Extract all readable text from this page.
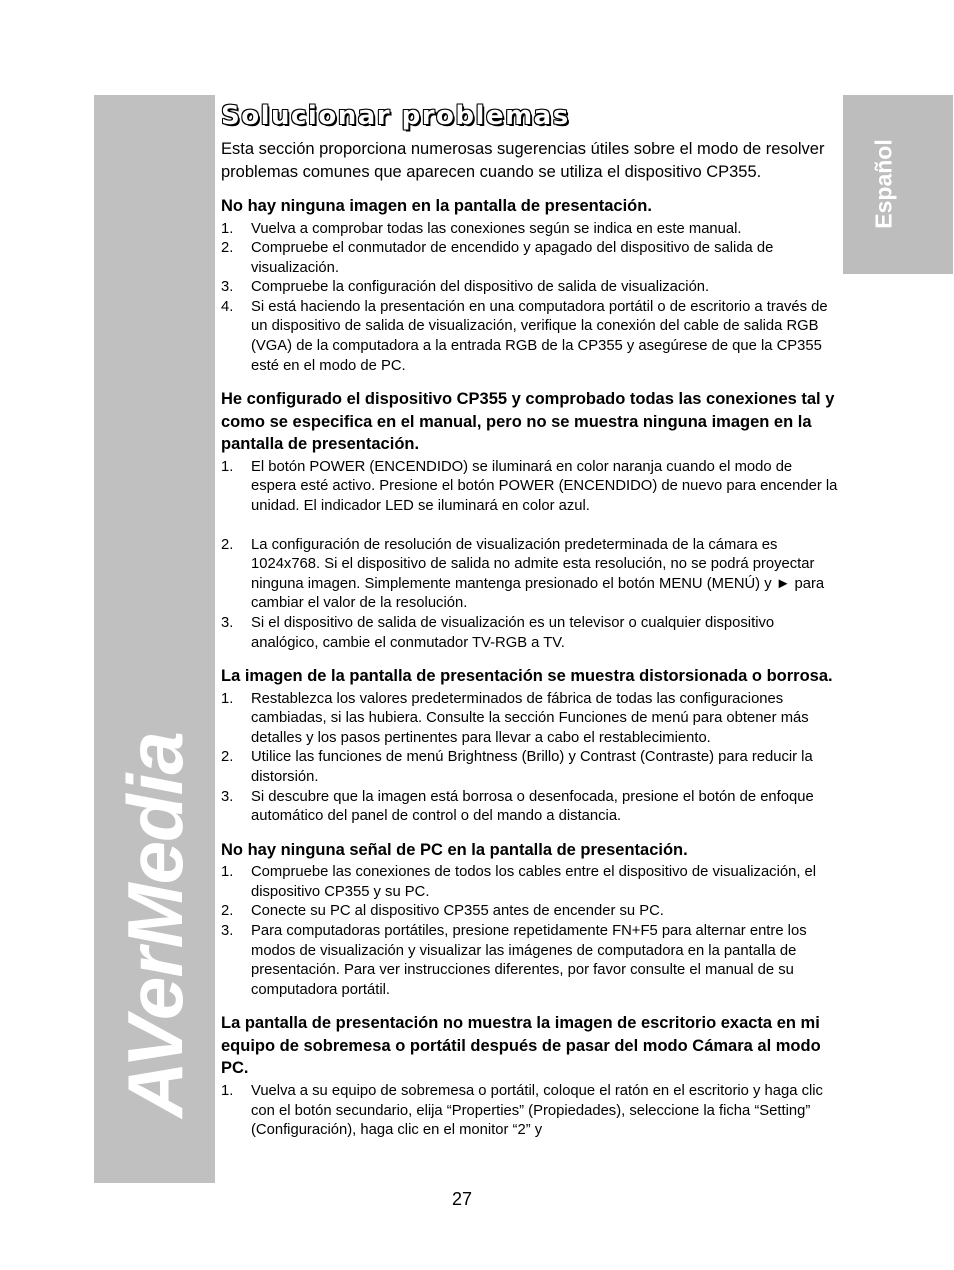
AVerMedia
Español
Solucionar problemas

Esta sección proporciona numerosas sugerencias útiles sobre el modo de resolver problemas comunes que aparecen cuando se utiliza el dispositivo CP355.

No hay ninguna imagen en la pantalla de presentación.
1. Vuelva a comprobar todas las conexiones según se indica en este manual.
2. Compruebe el conmutador de encendido y apagado del dispositivo de salida de visualización.
3. Compruebe la configuración del dispositivo de salida de visualización.
4. Si está haciendo la presentación en una computadora portátil o de escritorio a través de un dispositivo de salida de visualización, verifique la conexión del cable de salida RGB (VGA) de la computadora a la entrada RGB de la CP355 y asegúrese de que la CP355 esté en el modo de PC.
He configurado el dispositivo CP355 y comprobado todas las conexiones tal y como se especifica en el manual, pero no se muestra ninguna imagen en la pantalla de presentación.
1. El botón POWER (ENCENDIDO) se iluminará en color naranja cuando el modo de espera esté activo. Presione el botón POWER (ENCENDIDO) de nuevo para encender la unidad. El indicador LED se iluminará en color azul.
2. La configuración de resolución de visualización predeterminada de la cámara es 1024x768. Si el dispositivo de salida no admite esta resolución, no se podrá proyectar ninguna imagen. Simplemente mantenga presionado el botón MENU (MENÚ) y ► para cambiar el valor de la resolución.
3. Si el dispositivo de salida de visualización es un televisor o cualquier dispositivo analógico, cambie el conmutador TV-RGB a TV.
La imagen de la pantalla de presentación se muestra distorsionada o borrosa.
1. Restablezca los valores predeterminados de fábrica de todas las configuraciones cambiadas, si las hubiera. Consulte la sección Funciones de menú para obtener más detalles y los pasos pertinentes para llevar a cabo el restablecimiento.
2. Utilice las funciones de menú Brightness (Brillo) y Contrast (Contraste) para reducir la distorsión.
3. Si descubre que la imagen está borrosa o desenfocada, presione el botón de enfoque automático del panel de control o del mando a distancia.
No hay ninguna señal de PC en la pantalla de presentación.
1. Compruebe las conexiones de todos los cables entre el dispositivo de visualización, el dispositivo CP355 y su PC.
2. Conecte su PC al dispositivo CP355 antes de encender su PC.
3. Para computadoras portátiles, presione repetidamente FN+F5 para alternar entre los modos de visualización y visualizar las imágenes de computadora en la pantalla de presentación. Para ver instrucciones diferentes, por favor consulte el manual de su computadora portátil.
La pantalla de presentación no muestra la imagen de escritorio exacta en mi equipo de sobremesa o portátil después de pasar del modo Cámara al modo PC.
1. Vuelva a su equipo de sobremesa o portátil, coloque el ratón en el escritorio y haga clic con el botón secundario, elija “Properties” (Propiedades), seleccione la ficha “Setting” (Configuración), haga clic en el monitor “2” y
27
